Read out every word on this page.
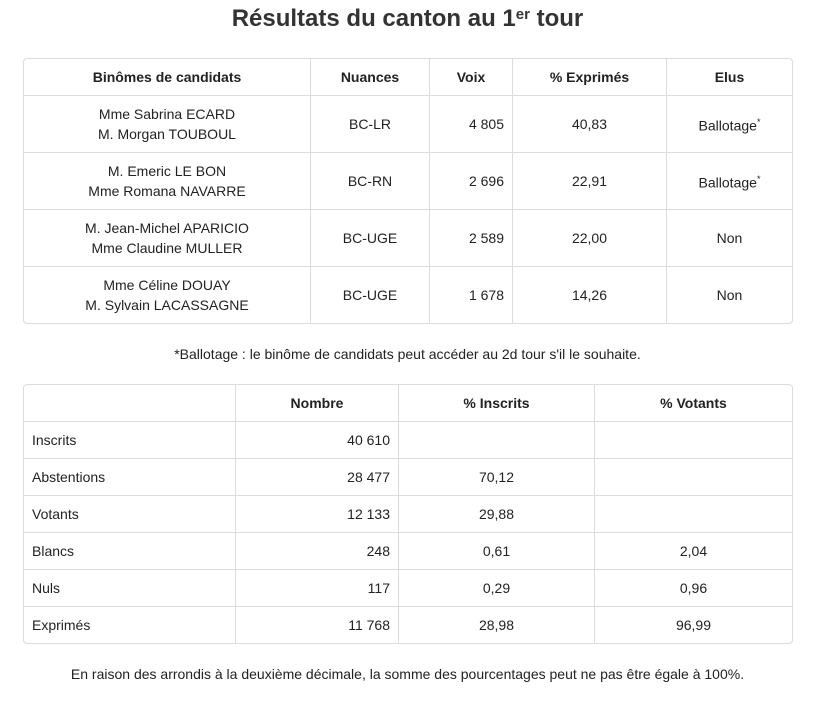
Résultats du canton au 1er tour
Binômes de candidats	Nuances	Voix	% Exprimés	Elus
Mme Sabrina ECARD
M. Morgan TOUBOUL	BC-LR	4 805	40,83	Ballotage*
M. Emeric LE BON
Mme Romana NAVARRE	BC-RN	2 696	22,91	Ballotage*
M. Jean-Michel APARICIO
Mme Claudine MULLER	BC-UGE	2 589	22,00	Non
Mme Céline DOUAY
M. Sylvain LACASSAGNE	BC-UGE	1 678	14,26	Non
*Ballotage : le binôme de candidats peut accéder au 2d tour s'il le souhaite.
	Nombre	% Inscrits	% Votants
Inscrits	40 610		
Abstentions	28 477	70,12	
Votants	12 133	29,88	
Blancs	248	0,61	2,04
Nuls	117	0,29	0,96
Exprimés	11 768	28,98	96,99
En raison des arrondis à la deuxième décimale, la somme des pourcentages peut ne pas être égale à 100%.
